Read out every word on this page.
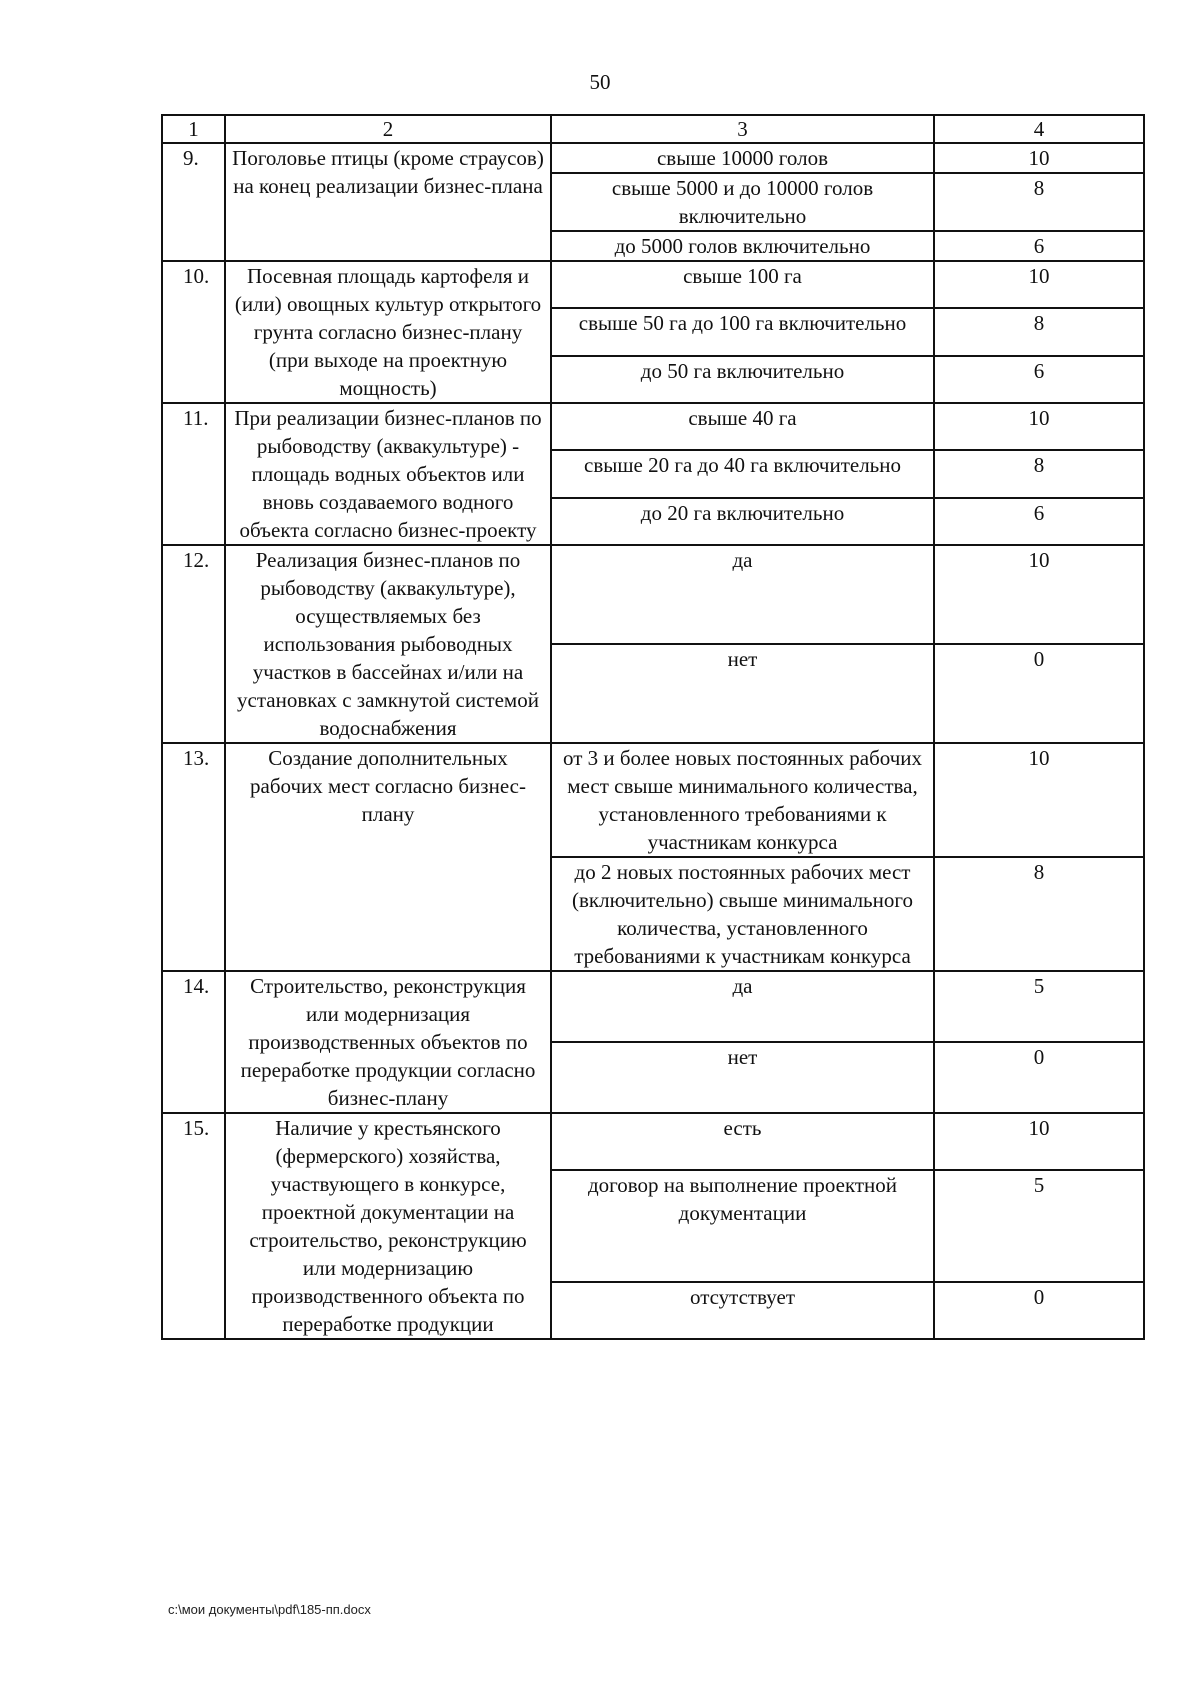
50
1	2	3	4
9.	Поголовье птицы (кроме страусов) на конец реализации бизнес-плана	свыше 10000 голов	10
		свыше 5000 и до 10000 голов включительно	8
		до 5000 голов включительно	6
10.	Посевная площадь картофеля и (или) овощных культур открытого грунта согласно бизнес-плану (при выходе на проектную мощность)	свыше 100 га	10
		свыше 50 га до 100 га включительно	8
		до 50 га включительно	6
11.	При реализации бизнес-планов по рыбоводству (аквакультуре) - площадь водных объектов или вновь создаваемого водного объекта согласно бизнес-проекту	свыше 40 га	10
		свыше 20 га до 40 га включительно	8
		до 20 га включительно	6
12.	Реализация бизнес-планов по рыбоводству (аквакультуре), осуществляемых без использования рыбоводных участков в бассейнах и/или на установках с замкнутой системой водоснабжения	да	10
		нет	0
13.	Создание дополнительных рабочих мест согласно бизнес-плану	от 3 и более новых постоянных рабочих мест свыше минимального количества, установленного требованиями к участникам конкурса	10
		до 2 новых постоянных рабочих мест (включительно) свыше минимального количества, установленного требованиями к участникам конкурса	8
14.	Строительство, реконструкция или модернизация производственных объектов по переработке продукции согласно бизнес-плану	да	5
		нет	0
15.	Наличие у крестьянского (фермерского) хозяйства, участвующего в конкурсе, проектной документации на строительство, реконструкцию или модернизацию производственного объекта по переработке продукции	есть	10
		договор на выполнение проектной документации	5
		отсутствует	0
c:\мои документы\pdf\185-пп.docx
